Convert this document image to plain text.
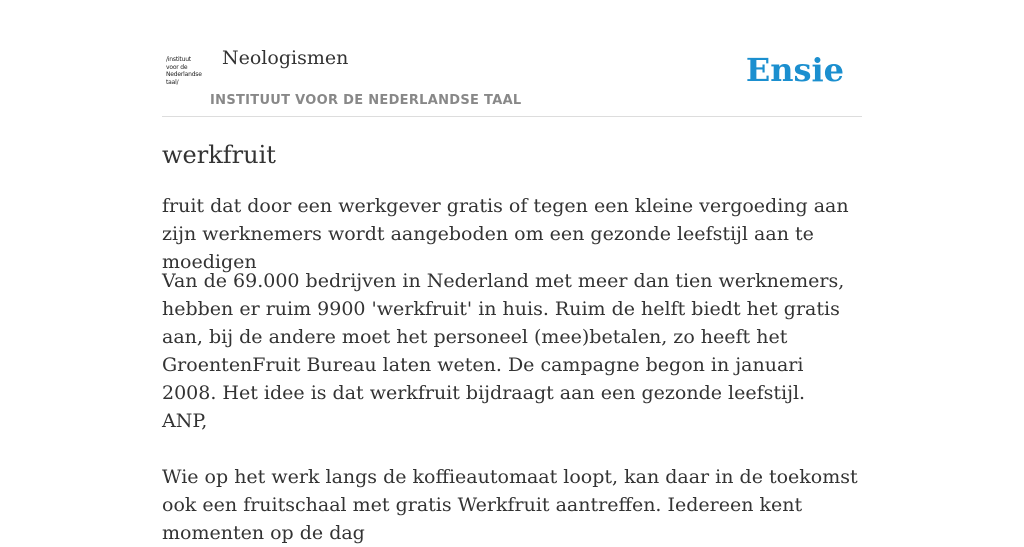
/instituut
voor de
Nederlandse
taal/
Neologismen
INSTITUUT VOOR DE NEDERLANDSE TAAL
Ensie
werkfruit

fruit dat door een werkgever gratis of tegen een kleine vergoeding aan zijn werknemers wordt aangeboden om een gezonde leefstijl aan te moedigen

Van de 69.000 bedrijven in Nederland met meer dan tien werknemers, hebben er ruim 9900 'werkfruit' in huis. Ruim de helft biedt het gratis aan, bij de andere moet het personeel (mee)betalen, zo heeft het GroentenFruit Bureau laten weten. De campagne begon in januari 2008. Het idee is dat werkfruit bijdraagt aan een gezonde leefstijl.
ANP,
Wie op het werk langs de koffieautomaat loopt, kan daar in de toekomst ook een fruitschaal met gratis Werkfruit aantreffen. Iedereen kent momenten op de dag
